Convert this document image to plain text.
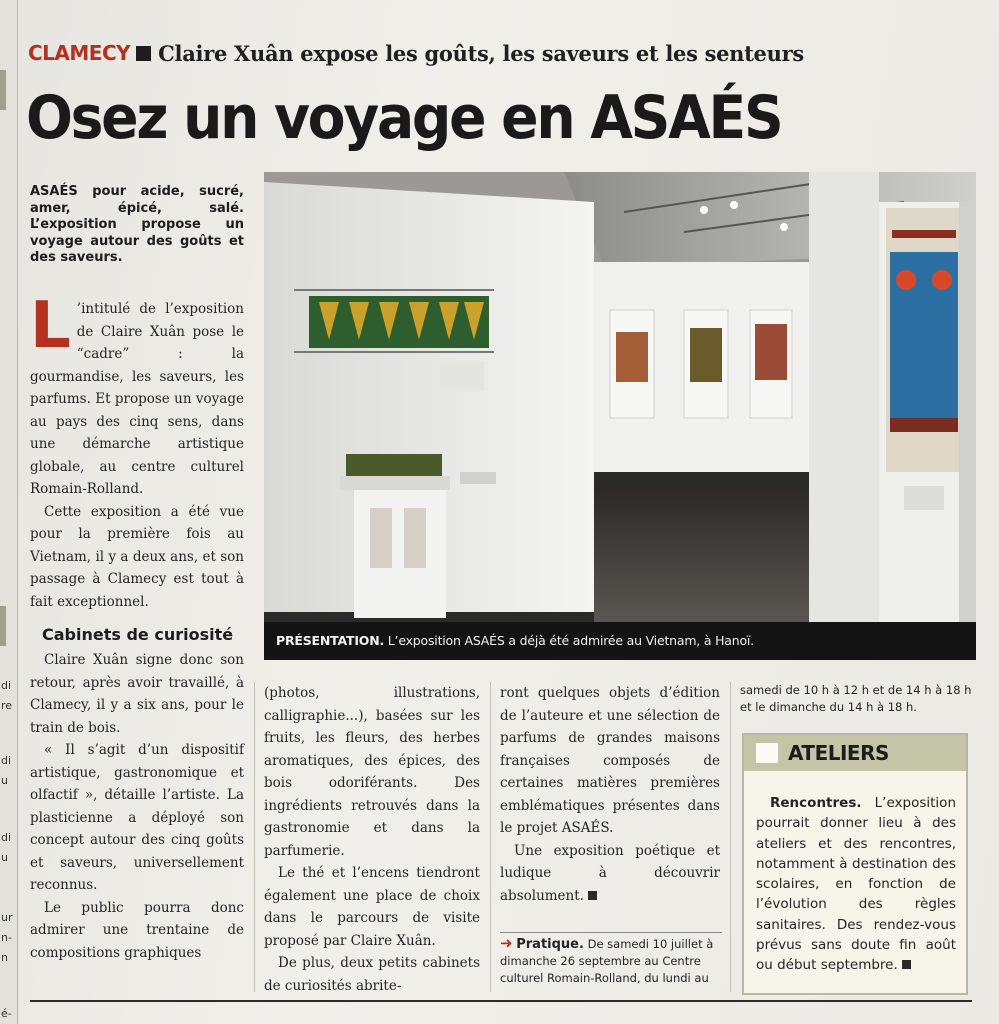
di
re
di
u
di
u
ur
n-
n
é-
CLAMECY Claire Xuân expose les goûts, les saveurs et les senteurs
Osez un voyage en ASAÉS
ASAÉS pour acide, sucré, amer, épicé, salé. L’exposition propose un voyage autour des goûts et des saveurs.

L ’intitulé de l’exposition de Claire Xuân pose le “cadre” : la gourmandise, les saveurs, les parfums. Et propose un voyage au pays des cinq sens, dans une démarche artistique globale, au centre culturel Romain-Rolland.

Cette exposition a été vue pour la première fois au Vietnam, il y a deux ans, et son passage à Clamecy est tout à fait exceptionnel.

Cabinets de curiosité

Claire Xuân signe donc son retour, après avoir travaillé, à Clamecy, il y a six ans, pour le train de bois.

« Il s’agit d’un dispositif artistique, gastronomique et olfactif », détaille l’artiste. La plasticienne a déployé son concept autour des cinq goûts et saveurs, universellement reconnus.

Le public pourra donc admirer une trentaine de compositions graphiques

PRÉSENTATION. L’exposition ASAÉS a déjà été admirée au Vietnam, à Hanoï.

(photos, illustrations, calligraphie...), basées sur les fruits, les fleurs, des herbes aromatiques, des épices, des bois odoriférants. Des ingrédients retrouvés dans la gastronomie et dans la parfumerie.

Le thé et l’encens tiendront également une place de choix dans le parcours de visite proposé par Claire Xuân.

De plus, deux petits cabinets de curiosités abrite-

ront quelques objets d’édition de l’auteure et une sélection de parfums de grandes maisons françaises composés de certaines matières premières emblématiques présentes dans le projet ASAÉS.

Une exposition poétique et ludique à découvrir absolument.

➜ Pratique. De samedi 10 juillet à dimanche 26 septembre au Centre culturel Romain-Rolland, du lundi au
samedi de 10 h à 12 h et de 14 h à 18 h et le dimanche du 14 h à 18 h.
ATELIERS

Rencontres. L’exposition pourrait donner lieu à des ateliers et des rencontres, notamment à destination des scolaires, en fonction de l’évolution des règles sanitaires. Des rendez-vous prévus sans doute fin août ou début septembre.
